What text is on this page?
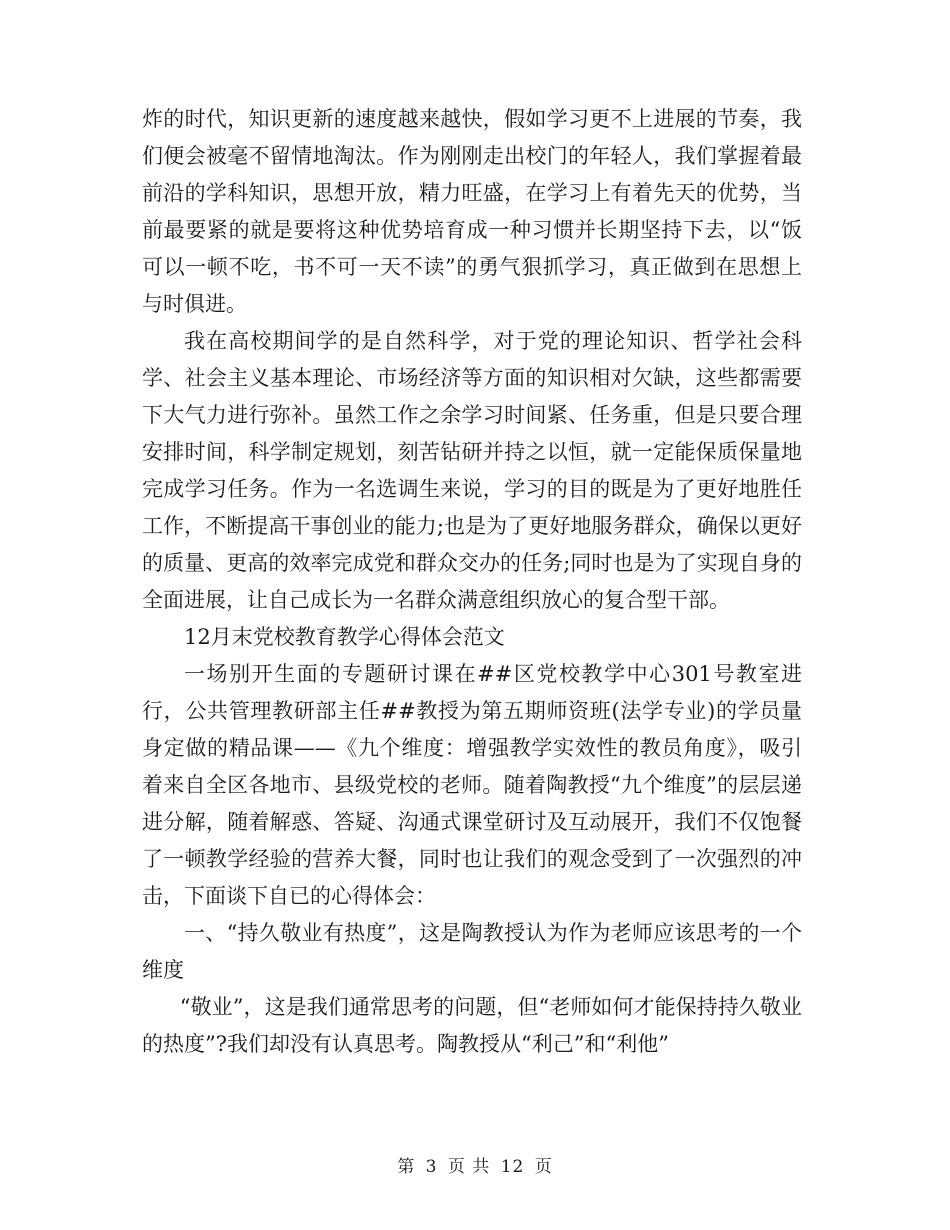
炸的时代，知识更新的速度越来越快，假如学习更不上进展的节奏，我们便会被毫不留情地淘汰。作为刚刚走出校门的年轻人，我们掌握着最前沿的学科知识，思想开放，精力旺盛，在学习上有着先天的优势，当前最要紧的就是要将这种优势培育成一种习惯并长期坚持下去，以“饭可以一顿不吃，书不可一天不读”的勇气狠抓学习，真正做到在思想上与时俱进。

我在高校期间学的是自然科学，对于党的理论知识、哲学社会科学、社会主义基本理论、市场经济等方面的知识相对欠缺，这些都需要下大气力进行弥补。虽然工作之余学习时间紧、任务重，但是只要合理安排时间，科学制定规划，刻苦钻研并持之以恒，就一定能保质保量地完成学习任务。作为一名选调生来说，学习的目的既是为了更好地胜任工作，不断提高干事创业的能力;也是为了更好地服务群众，确保以更好的质量、更高的效率完成党和群众交办的任务;同时也是为了实现自身的全面进展，让自己成长为一名群众满意组织放心的复合型干部。

12月末党校教育教学心得体会范文

一场别开生面的专题研讨课在##区党校教学中心301号教室进行，公共管理教研部主任##教授为第五期师资班(法学专业)的学员量身定做的精品课——《九个维度：增强教学实效性的教员角度》，吸引着来自全区各地市、县级党校的老师。随着陶教授“九个维度”的层层递进分解，随着解惑、答疑、沟通式课堂研讨及互动展开，我们不仅饱餐了一顿教学经验的营养大餐，同时也让我们的观念受到了一次强烈的冲击，下面谈下自已的心得体会：

一、“持久敬业有热度”，这是陶教授认为作为老师应该思考的一个维度

“敬业”，这是我们通常思考的问题，但“老师如何才能保持持久敬业的热度”?我们却没有认真思考。陶教授从“利己”和“利他”

第 3 页 共 12 页
